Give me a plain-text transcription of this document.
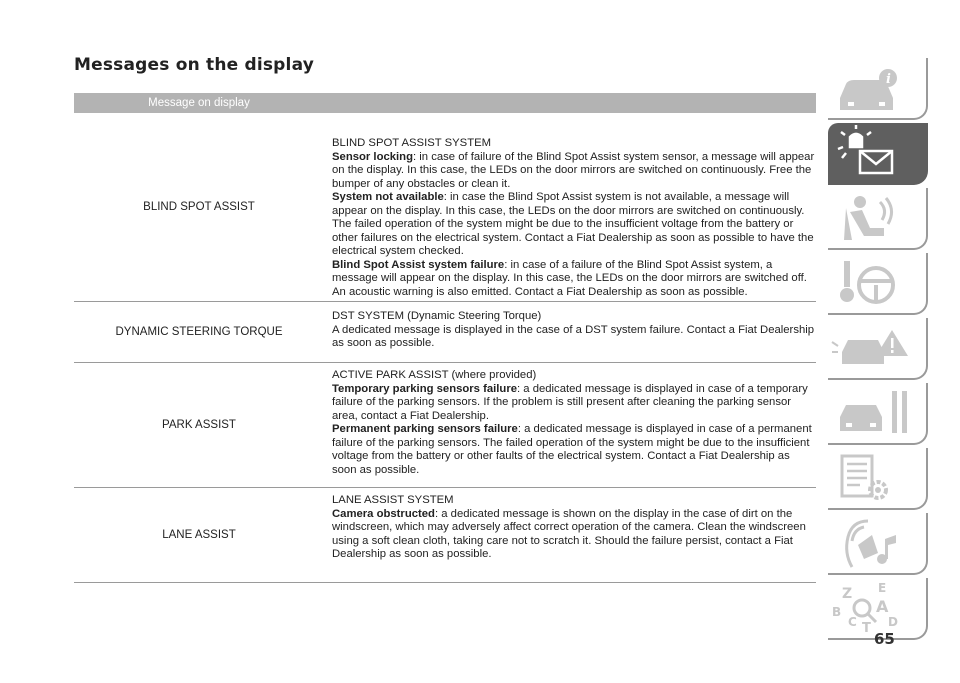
Messages on the display
Message on display
BLIND SPOT ASSIST
BLIND SPOT ASSIST SYSTEM
Sensor locking: in case of failure of the Blind Spot Assist system sensor, a message will appear on the display. In this case, the LEDs on the door mirrors are switched on continuously. Free the bumper of any obstacles or clean it.
System not available: in case the Blind Spot Assist system is not available, a message will appear on the display. In this case, the LEDs on the door mirrors are switched on continuously. The failed operation of the system might be due to the insufficient voltage from the battery or other failures on the electrical system. Contact a Fiat Dealership as soon as possible to have the electrical system checked.
Blind Spot Assist system failure: in case of a failure of the Blind Spot Assist system, a message will appear on the display. In this case, the LEDs on the door mirrors are switched off. An acoustic warning is also emitted. Contact a Fiat Dealership as soon as possible.
DYNAMIC STEERING TORQUE
DST SYSTEM (Dynamic Steering Torque)
A dedicated message is displayed in the case of a DST system failure. Contact a Fiat Dealership as soon as possible.
PARK ASSIST
ACTIVE PARK ASSIST (where provided)
Temporary parking sensors failure: a dedicated message is displayed in case of a temporary failure of the parking sensors. If the problem is still present after cleaning the parking sensor area, contact a Fiat Dealership.
Permanent parking sensors failure: a dedicated message is displayed in case of a permanent failure of the parking sensors. The failed operation of the system might be due to the insufficient voltage from the battery or other faults of the electrical system. Contact a Fiat Dealership as soon as possible.
LANE ASSIST
LANE ASSIST SYSTEM
Camera obstructed: a dedicated message is shown on the display in the case of dirt on the windscreen, which may adversely affect correct operation of the camera. Clean the windscreen using a soft clean cloth, taking care not to scratch it. Should the failure persist, contact a Fiat Dealership as soon as possible.
i
Z E
B A
C T D
65
